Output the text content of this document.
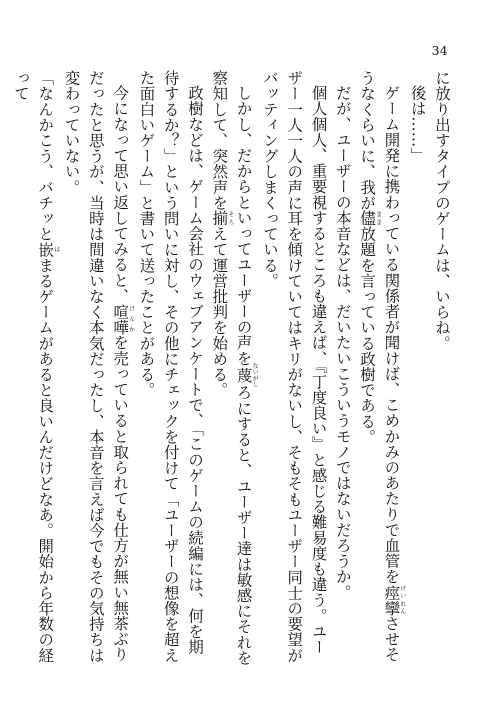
34

に放り出すタイプのゲームは、いらね。

後は……」

ゲーム開発に携わっている関係者が聞けば、こめかみのあたりで血管を痙攣けいれんさせそうなくらいに、我が儘まま放題を言っている政樹である。

だが、ユーザーの本音などは、だいたいこういうモノではないだろうか。

個人個人、重要視するところも違えば、『丁度良い』と感じる難易度も違う。ユーザー一人一人の声に耳を傾けていてはキリがないし、そもそもユーザー同士の要望がバッティングしまくっている。

しかし、だからといってユーザーの声を蔑ないがしろにすると、ユーザー達は敏感にそれを察知して、突然声を揃そろえて運営批判を始める。

政樹などは、ゲーム会社のウェブアンケートで、「このゲームの続編には、何を期待するか？」という問いに対し、その他にチェックを付けて「ユーザーの想像を超えた面白いゲーム」と書いて送ったことがある。

今になって思い返してみると、喧嘩けんかを売っていると取られても仕方が無い無茶ぶりだったと思うが、当時は間違いなく本気だったし、本音を言えば今でもその気持ちは変わっていない。

「なんかこう、バチッと嵌はまるゲームがあると良いんだけどなあ。開始から年数の経って
